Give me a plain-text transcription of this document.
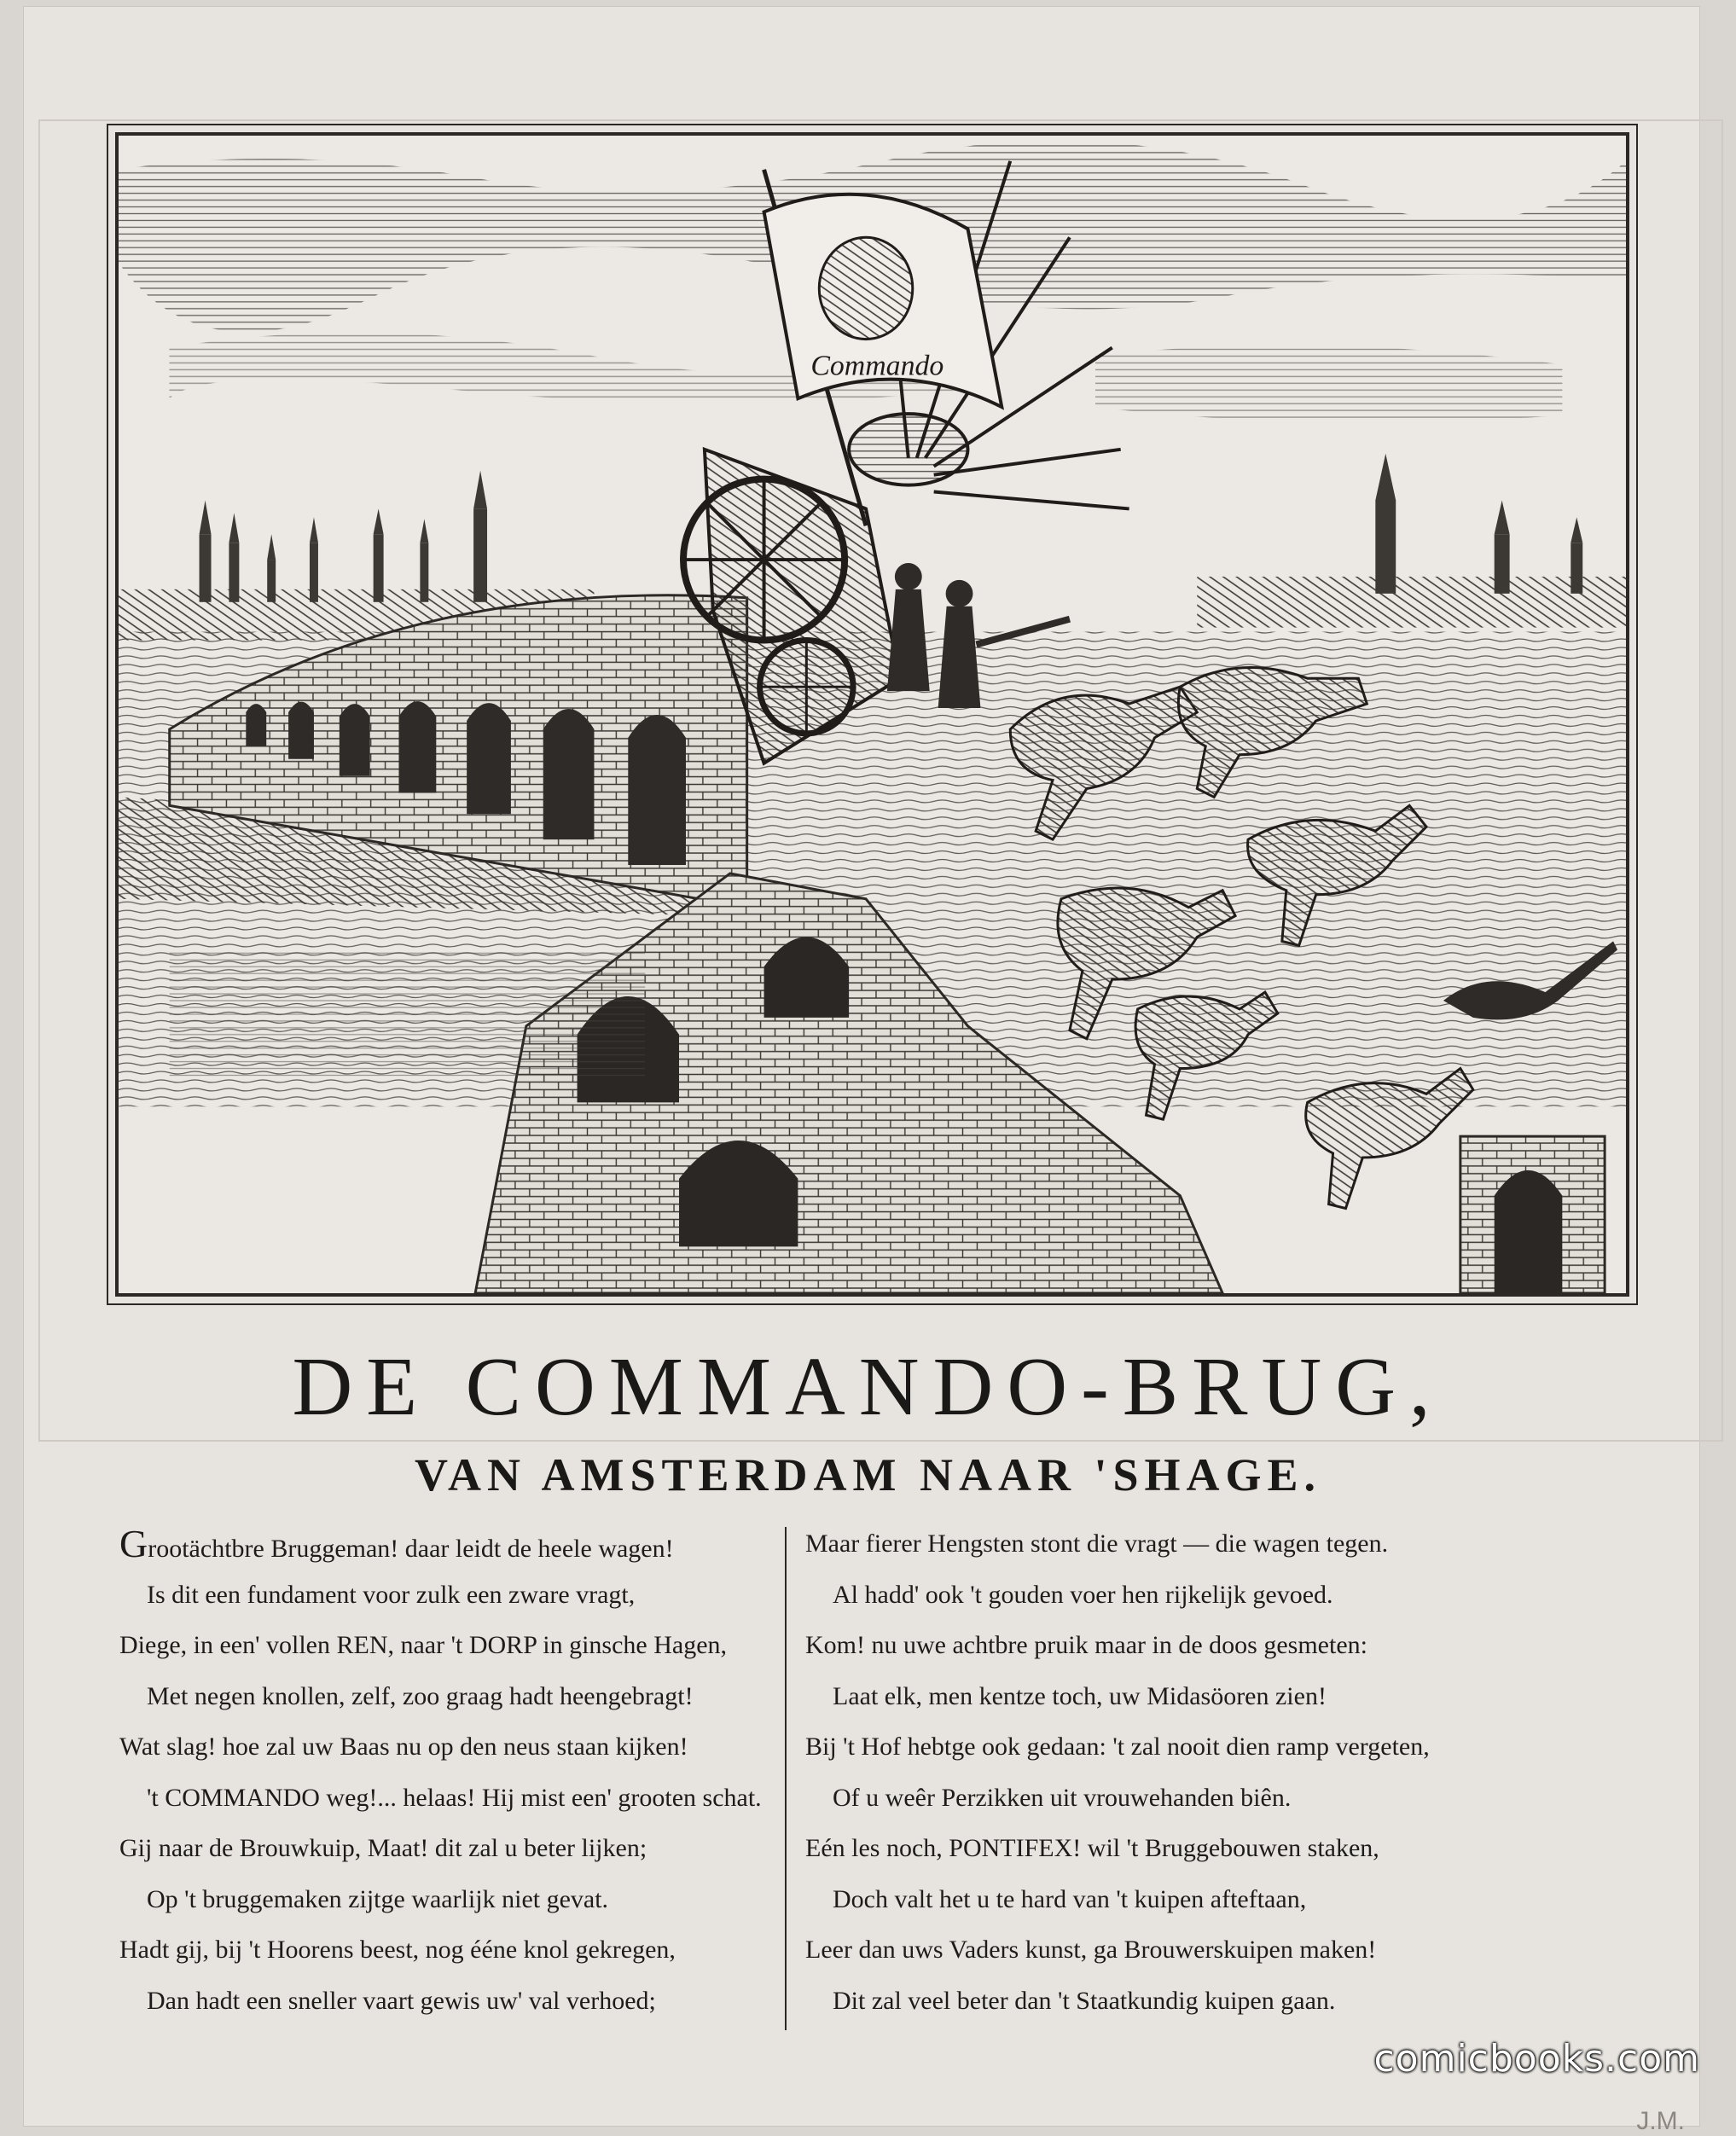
Commando
DE COMMANDO-BRUG,
VAN AMSTERDAM NAAR 'SHAGE.
Grootächtbre Bruggeman! daar leidt de heele wagen!
Is dit een fundament voor zulk een zware vragt,
Diege, in een' vollen REN, naar 't DORP in ginsche Hagen,
Met negen knollen, zelf, zoo graag hadt heengebragt!
Wat slag! hoe zal uw Baas nu op den neus staan kijken!
't COMMANDO weg!... helaas! Hij mist een' grooten schat.
Gij naar de Brouwkuip, Maat! dit zal u beter lijken;
Op 't bruggemaken zijtge waarlijk niet gevat.
Hadt gij, bij 't Hoorens beest, nog ééne knol gekregen,
Dan hadt een sneller vaart gewis uw' val verhoed;
Maar fierer Hengsten stont die vragt — die wagen tegen.
Al hadd' ook 't gouden voer hen rijkelijk gevoed.
Kom! nu uwe achtbre pruik maar in de doos gesmeten:
Laat elk, men kentze toch, uw Midasöoren zien!
Bij 't Hof hebtge ook gedaan: 't zal nooit dien ramp vergeten,
Of u weêr Perzikken uit vrouwehanden biên.
Eén les noch, PONTIFEX! wil 't Bruggebouwen staken,
Doch valt het u te hard van 't kuipen afteftaan,
Leer dan uws Vaders kunst, ga Brouwerskuipen maken!
Dit zal veel beter dan 't Staatkundig kuipen gaan.
comicbooks.com
J.M.
